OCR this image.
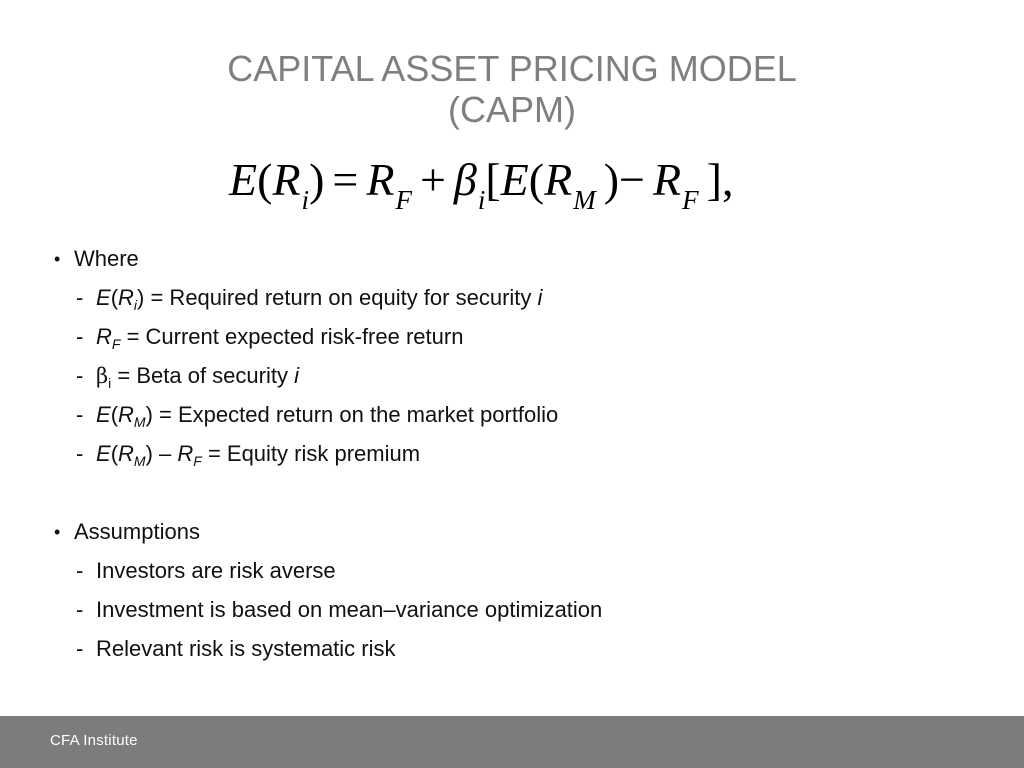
CAPITAL ASSET PRICING MODEL
(CAPM)
$E(R_i) = R_F + \beta_i[E(R_M$ )− $R_F$ ],
• Where
- $E(R_i)$ = Required return on equity for security i
- $R_F$ = Current expected risk-free return
- $\beta_i$ = Beta of security i
- $E(R_M)$ = Expected return on the market portfolio
- $E(R_M) - R_F$ = Equity risk premium
• Assumptions
- Investors are risk averse
- Investment is based on mean–variance optimization
- Relevant risk is systematic risk
CFA Institute
